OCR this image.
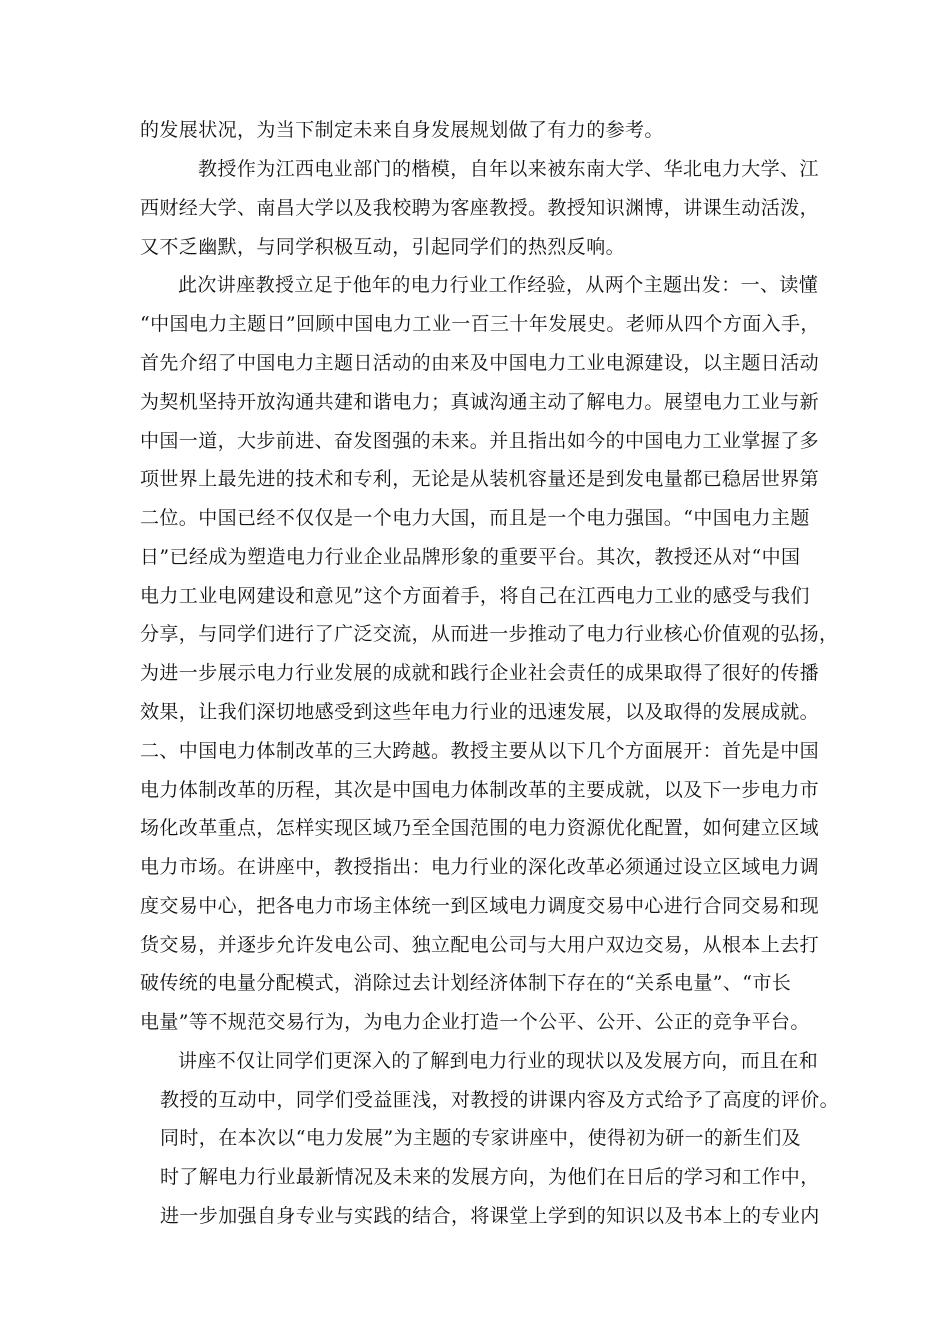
的发展状况，为当下制定未来自身发展规划做了有力的参考。
教授作为江西电业部门的楷模，自年以来被东南大学、华北电力大学、江
西财经大学、南昌大学以及我校聘为客座教授。教授知识渊博，讲课生动活泼，
又不乏幽默，与同学积极互动，引起同学们的热烈反响。
此次讲座教授立足于他年的电力行业工作经验，从两个主题出发：一、读懂
“中国电力主题日”回顾中国电力工业一百三十年发展史。老师从四个方面入手，
首先介绍了中国电力主题日活动的由来及中国电力工业电源建设，以主题日活动
为契机坚持开放沟通共建和谐电力；真诚沟通主动了解电力。展望电力工业与新
中国一道，大步前进、奋发图强的未来。并且指出如今的中国电力工业掌握了多
项世界上最先进的技术和专利，无论是从装机容量还是到发电量都已稳居世界第
二位。中国已经不仅仅是一个电力大国，而且是一个电力强国。“中国电力主题
日”已经成为塑造电力行业企业品牌形象的重要平台。其次，教授还从对“中国
电力工业电网建设和意见”这个方面着手，将自己在江西电力工业的感受与我们
分享，与同学们进行了广泛交流，从而进一步推动了电力行业核心价值观的弘扬，
为进一步展示电力行业发展的成就和践行企业社会责任的成果取得了很好的传播
效果，让我们深切地感受到这些年电力行业的迅速发展，以及取得的发展成就。
二、中国电力体制改革的三大跨越。教授主要从以下几个方面展开：首先是中国
电力体制改革的历程，其次是中国电力体制改革的主要成就，以及下一步电力市
场化改革重点，怎样实现区域乃至全国范围的电力资源优化配置，如何建立区域
电力市场。在讲座中，教授指出：电力行业的深化改革必须通过设立区域电力调
度交易中心，把各电力市场主体统一到区域电力调度交易中心进行合同交易和现
货交易，并逐步允许发电公司、独立配电公司与大用户双边交易，从根本上去打
破传统的电量分配模式，消除过去计划经济体制下存在的“关系电量”、“市长
电量”等不规范交易行为，为电力企业打造一个公平、公开、公正的竞争平台。
讲座不仅让同学们更深入的了解到电力行业的现状以及发展方向，而且在和
教授的互动中，同学们受益匪浅，对教授的讲课内容及方式给予了高度的评价。
同时，在本次以“电力发展”为主题的专家讲座中，使得初为研一的新生们及
时了解电力行业最新情况及未来的发展方向，为他们在日后的学习和工作中，
进一步加强自身专业与实践的结合，将课堂上学到的知识以及书本上的专业内
